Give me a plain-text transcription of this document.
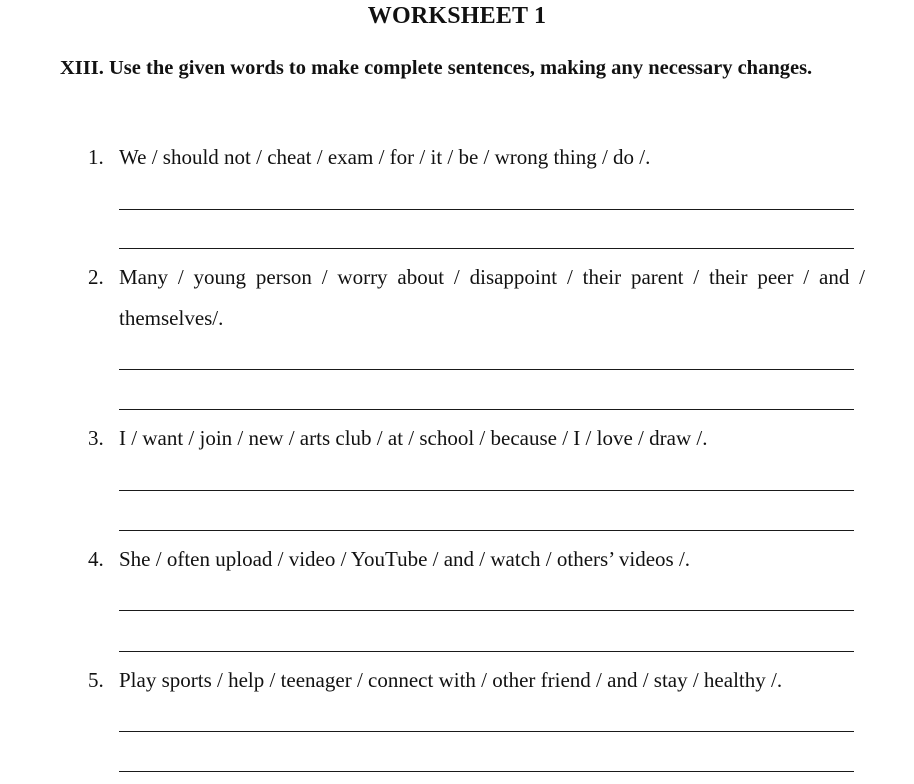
WORKSHEET 1
XIII. Use the given words to make complete sentences, making any necessary changes.
1. We / should not / cheat / exam / for / it / be / wrong thing / do /.
2. Many / young person / worry about / disappoint / their parent / their peer / and / themselves/.
3. I / want / join / new / arts club / at / school / because / I / love / draw /.
4. She / often upload / video / YouTube / and / watch / others’ videos /.
5. Play sports / help / teenager / connect with / other friend / and / stay / healthy /.
